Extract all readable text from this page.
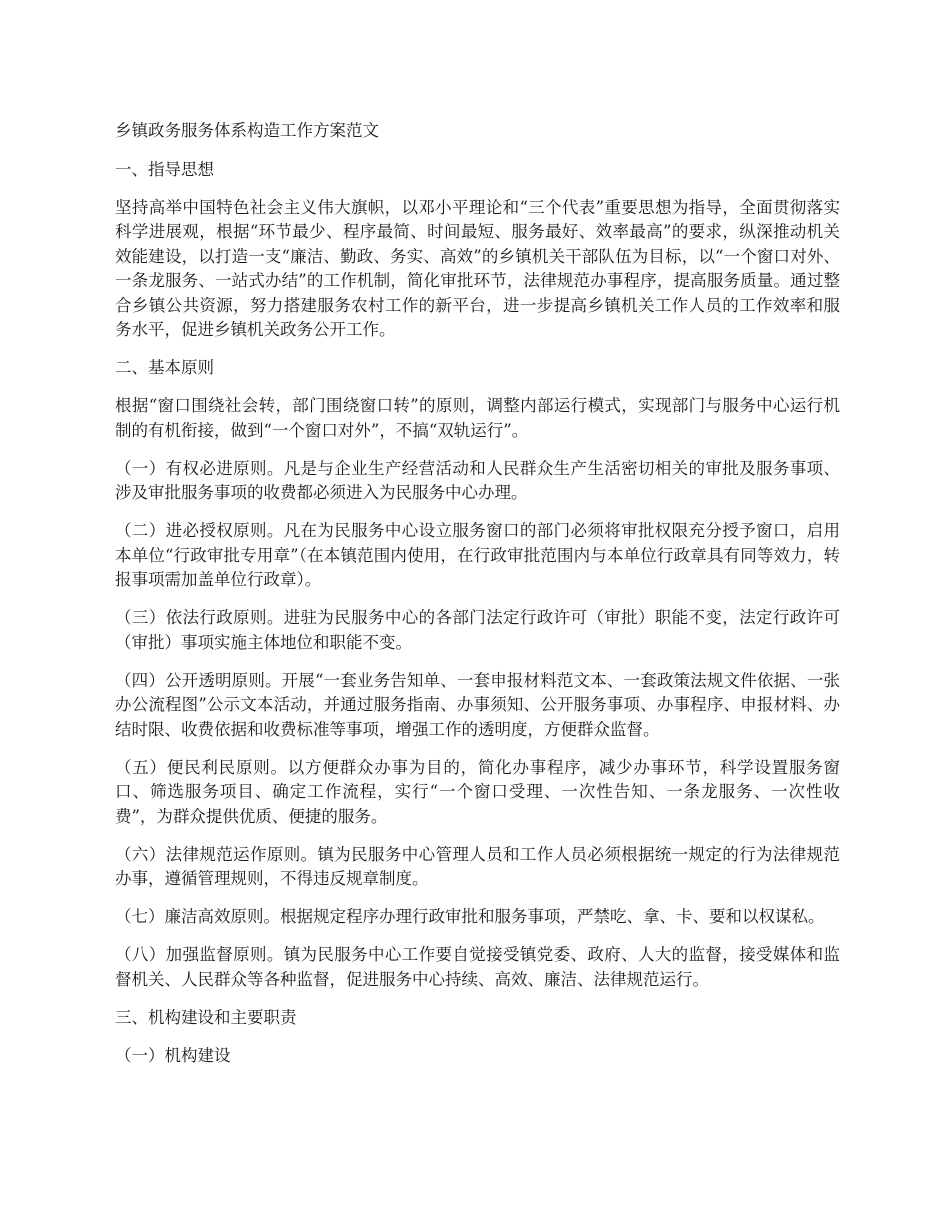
乡镇政务服务体系构造工作方案范文
一、指导思想
坚持高举中国特色社会主义伟大旗帜，以邓小平理论和“三个代表”重要思想为指导，全面贯彻落实科学进展观，根据“环节最少、程序最简、时间最短、服务最好、效率最高”的要求，纵深推动机关效能建设，以打造一支“廉洁、勤政、务实、高效”的乡镇机关干部队伍为目标，以“一个窗口对外、一条龙服务、一站式办结”的工作机制，简化审批环节，法律规范办事程序，提高服务质量。通过整合乡镇公共资源，努力搭建服务农村工作的新平台，进一步提高乡镇机关工作人员的工作效率和服务水平，促进乡镇机关政务公开工作。
二、基本原则
根据“窗口围绕社会转，部门围绕窗口转”的原则，调整内部运行模式，实现部门与服务中心运行机制的有机衔接，做到“一个窗口对外”，不搞“双轨运行”。
（一）有权必进原则。凡是与企业生产经营活动和人民群众生产生活密切相关的审批及服务事项、涉及审批服务事项的收费都必须进入为民服务中心办理。
（二）进必授权原则。凡在为民服务中心设立服务窗口的部门必须将审批权限充分授予窗口，启用本单位“行政审批专用章”（在本镇范围内使用，在行政审批范围内与本单位行政章具有同等效力，转报事项需加盖单位行政章）。
（三）依法行政原则。进驻为民服务中心的各部门法定行政许可（审批）职能不变，法定行政许可（审批）事项实施主体地位和职能不变。
（四）公开透明原则。开展“一套业务告知单、一套申报材料范文本、一套政策法规文件依据、一张办公流程图”公示文本活动，并通过服务指南、办事须知、公开服务事项、办事程序、申报材料、办结时限、收费依据和收费标准等事项，增强工作的透明度，方便群众监督。
（五）便民利民原则。以方便群众办事为目的，简化办事程序，减少办事环节，科学设置服务窗口、筛选服务项目、确定工作流程，实行“一个窗口受理、一次性告知、一条龙服务、一次性收费”，为群众提供优质、便捷的服务。
（六）法律规范运作原则。镇为民服务中心管理人员和工作人员必须根据统一规定的行为法律规范办事，遵循管理规则，不得违反规章制度。
（七）廉洁高效原则。根据规定程序办理行政审批和服务事项，严禁吃、拿、卡、要和以权谋私。
（八）加强监督原则。镇为民服务中心工作要自觉接受镇党委、政府、人大的监督，接受媒体和监督机关、人民群众等各种监督，促进服务中心持续、高效、廉洁、法律规范运行。
三、机构建设和主要职责
（一）机构建设
